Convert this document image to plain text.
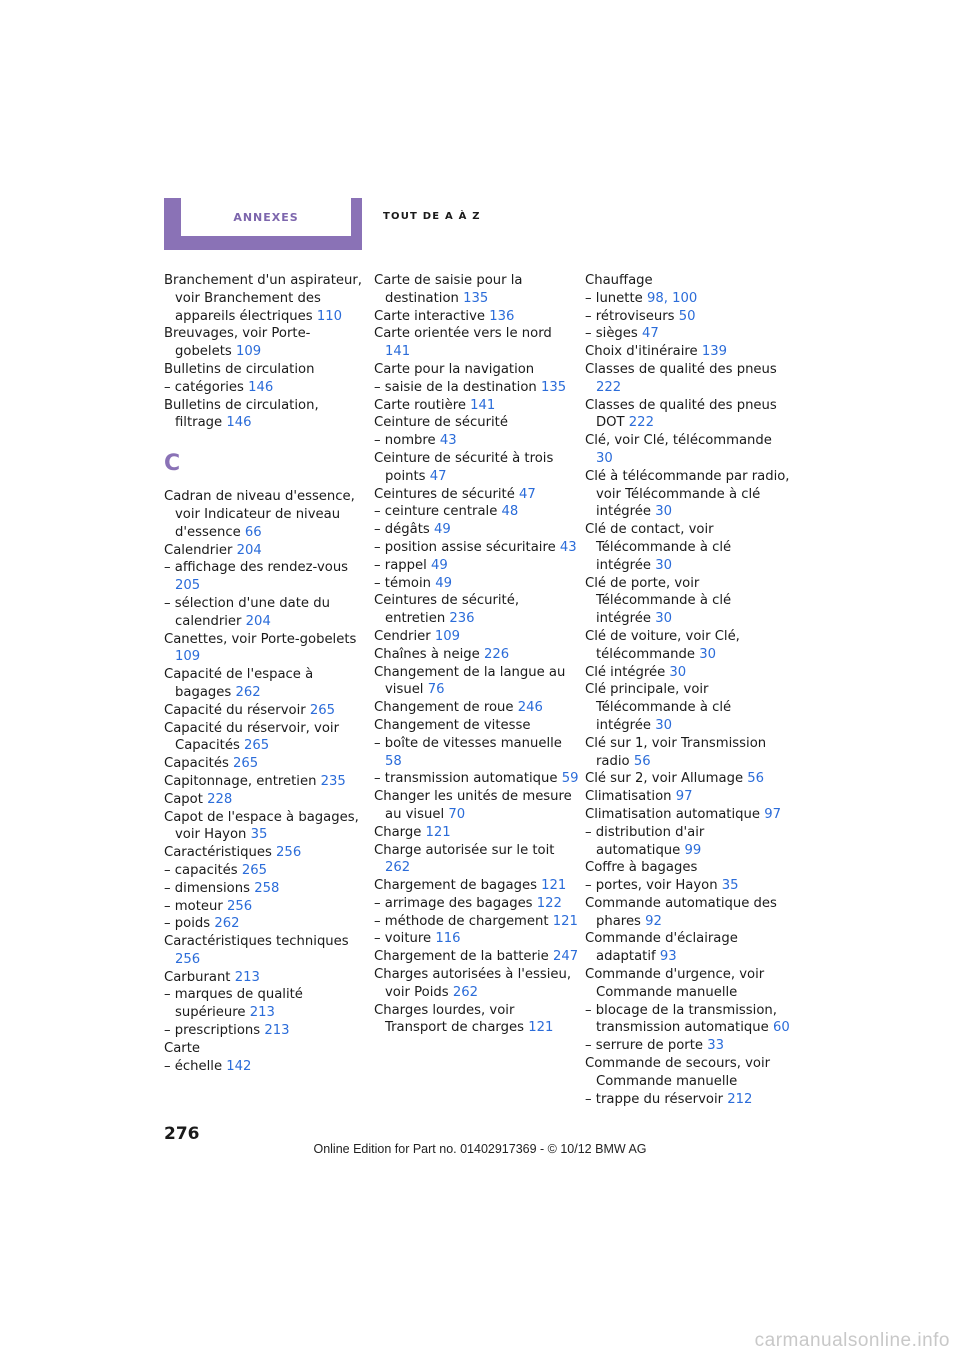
ANNEXES	TOUT DE A À Z
Branchement d'un aspirateur, voir Branchement des appareils électriques 110
Breuvages, voir Porte-gobelets 109
Bulletins de circulation
– catégories 146
Bulletins de circulation, filtrage 146
C
Cadran de niveau d'essence, voir Indicateur de niveau d'essence 66
Calendrier 204
– affichage des rendez-vous 205
– sélection d'une date du calendrier 204
Canettes, voir Porte-gobelets 109
Capacité de l'espace à bagages 262
Capacité du réservoir 265
Capacité du réservoir, voir Capacités 265
Capacités 265
Capitonnage, entretien 235
Capot 228
Capot de l'espace à bagages, voir Hayon 35
Caractéristiques 256
– capacités 265
– dimensions 258
– moteur 256
– poids 262
Caractéristiques techniques 256
Carburant 213
– marques de qualité supérieure 213
– prescriptions 213
Carte
– échelle 142
Carte de saisie pour la destination 135
Carte interactive 136
Carte orientée vers le nord 141
Carte pour la navigation
– saisie de la destination 135
Carte routière 141
Ceinture de sécurité
– nombre 43
Ceinture de sécurité à trois points 47
Ceintures de sécurité 47
– ceinture centrale 48
– dégâts 49
– position assise sécuritaire 43
– rappel 49
– témoin 49
Ceintures de sécurité, entretien 236
Cendrier 109
Chaînes à neige 226
Changement de la langue au visuel 76
Changement de roue 246
Changement de vitesse
– boîte de vitesses manuelle 58
– transmission automatique 59
Changer les unités de mesure au visuel 70
Charge 121
Charge autorisée sur le toit 262
Chargement de bagages 121
– arrimage des bagages 122
– méthode de chargement 121
– voiture 116
Chargement de la batterie 247
Charges autorisées à l'essieu, voir Poids 262
Charges lourdes, voir Transport de charges 121
Chauffage
– lunette 98, 100
– rétroviseurs 50
– sièges 47
Choix d'itinéraire 139
Classes de qualité des pneus 222
Classes de qualité des pneus DOT 222
Clé, voir Clé, télécommande 30
Clé à télécommande par radio, voir Télécommande à clé intégrée 30
Clé de contact, voir Télécommande à clé intégrée 30
Clé de porte, voir Télécommande à clé intégrée 30
Clé de voiture, voir Clé, télécommande 30
Clé intégrée 30
Clé principale, voir Télécommande à clé intégrée 30
Clé sur 1, voir Transmission radio 56
Clé sur 2, voir Allumage 56
Climatisation 97
Climatisation automatique 97
– distribution d'air automatique 99
Coffre à bagages
– portes, voir Hayon 35
Commande automatique des phares 92
Commande d'éclairage adaptatif 93
Commande d'urgence, voir Commande manuelle
– blocage de la transmission, transmission automatique 60
– serrure de porte 33
Commande de secours, voir Commande manuelle
– trappe du réservoir 212
276
Online Edition for Part no. 01402917369 - © 10/12 BMW AG
carmanualsonline.info
